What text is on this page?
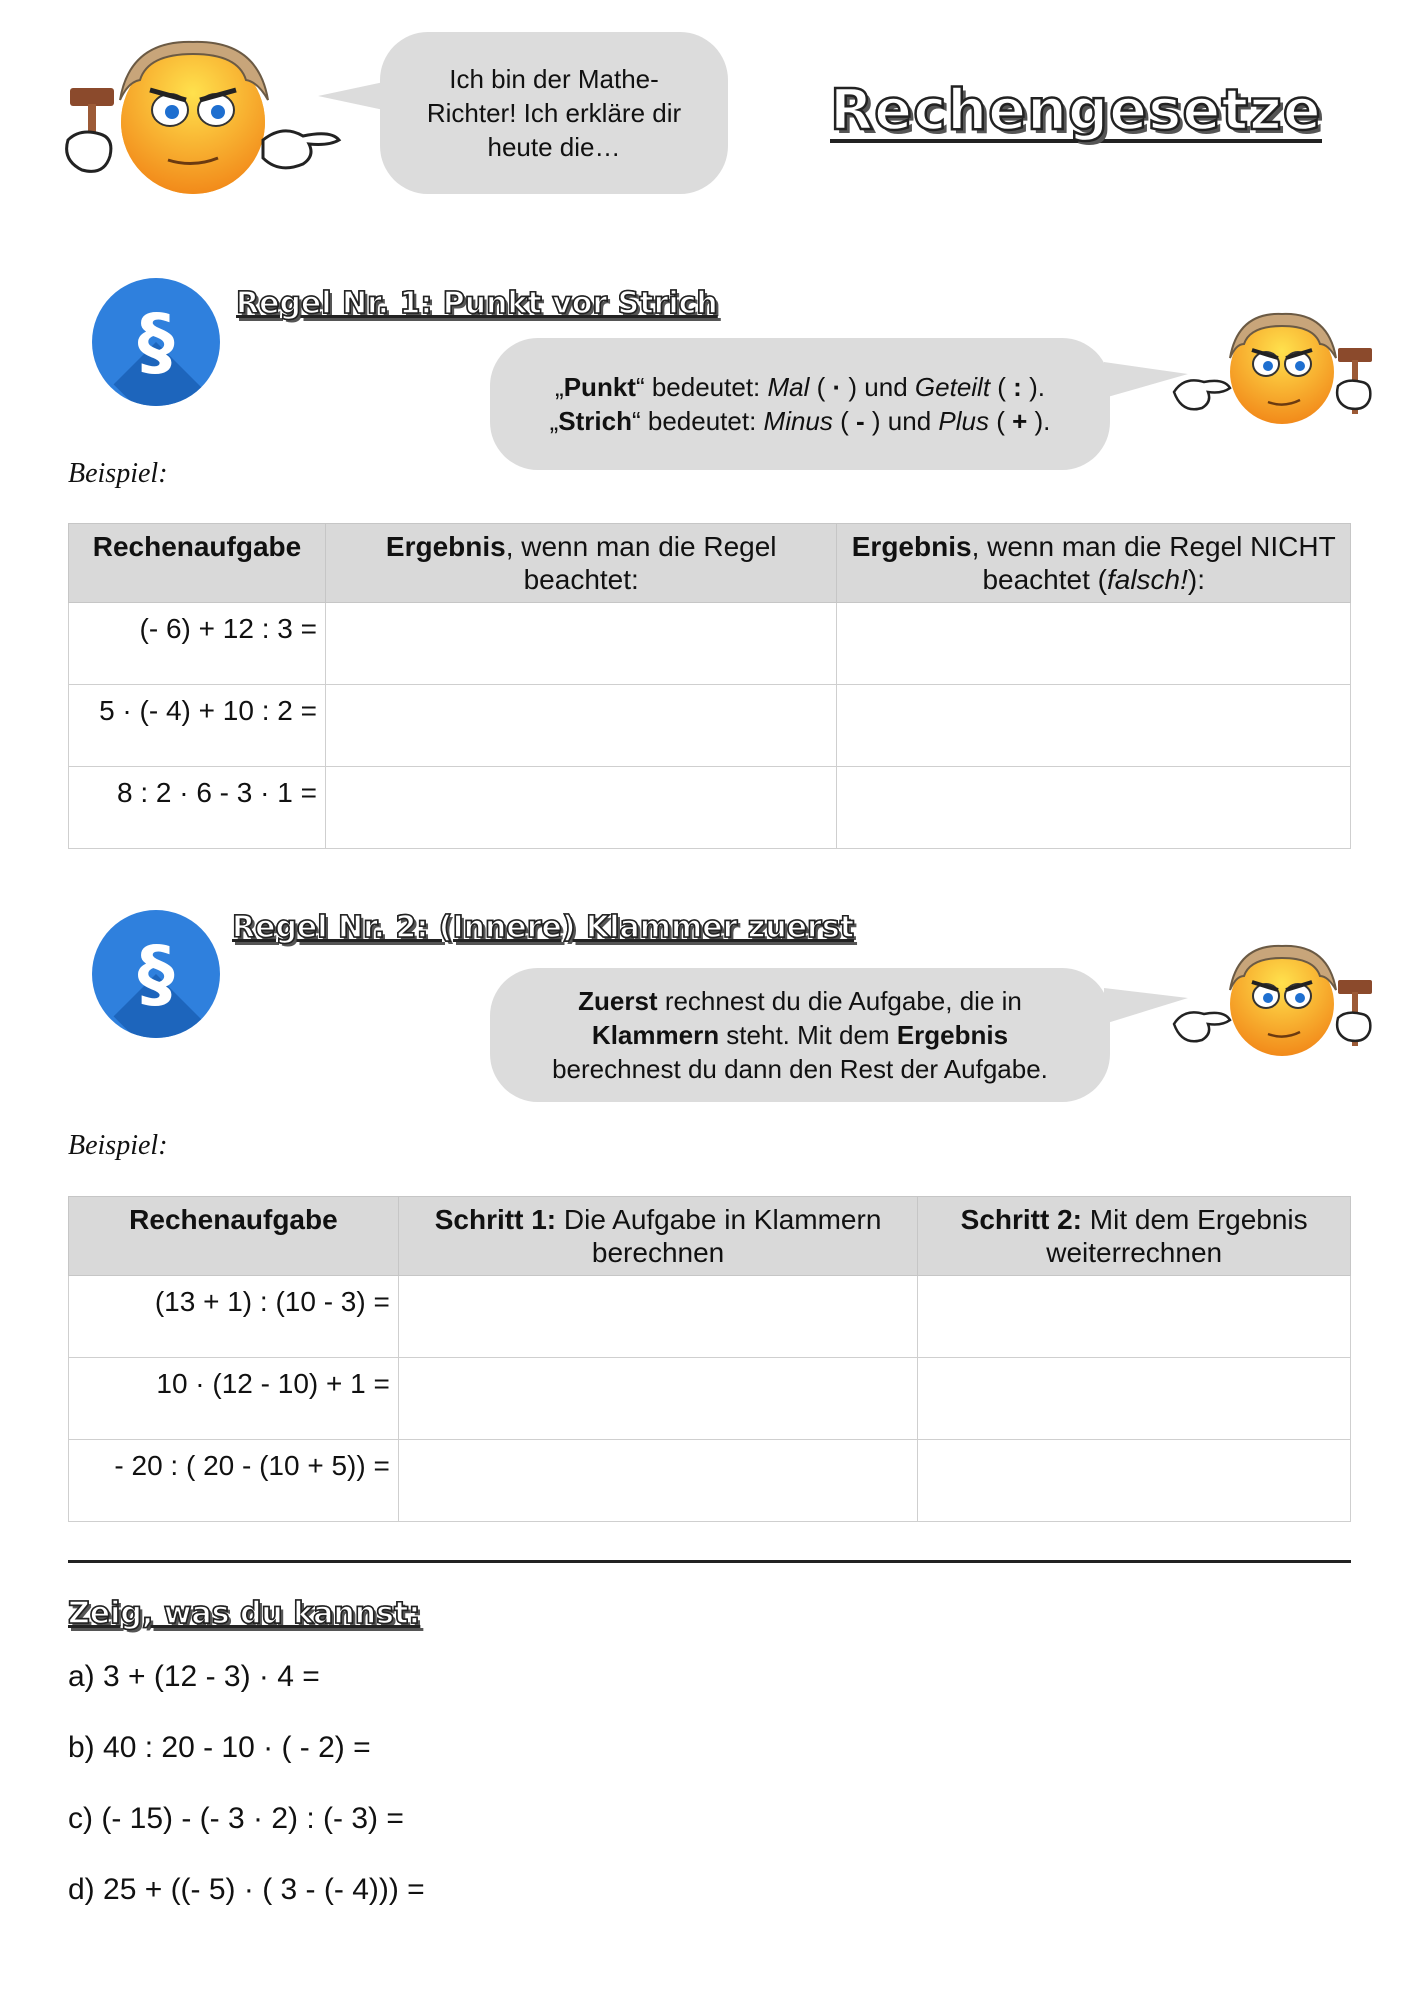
Ich bin der Mathe-
Richter! Ich erkläre dir
heute die…
Rechengesetze
§	Regel Nr. 1: Punkt vor Strich
„Punkt“ bedeutet: Mal ( · ) und Geteilt ( : ).
„Strich“ bedeutet: Minus ( - ) und Plus ( + ).
Beispiel:
Rechenaufgabe	Ergebnis, wenn man die Regel beachtet:	Ergebnis, wenn man die Regel NICHT beachtet (falsch!):
(- 6) + 12 : 3 =		
5 · (- 4) + 10 : 2 =		
8 : 2 · 6 - 3 · 1 =		
§
Regel Nr. 2: (Innere) Klammer zuerst
Zuerst rechnest du die Aufgabe, die in
Klammern steht. Mit dem Ergebnis
berechnest du dann den Rest der Aufgabe.
Beispiel:
Rechenaufgabe	Schritt 1: Die Aufgabe in Klammern berechnen	Schritt 2: Mit dem Ergebnis weiterrechnen
(13 + 1) : (10 - 3) =		
10 · (12 - 10) + 1 =		
- 20 : ( 20 - (10 + 5)) =		
Zeig, was du kannst:
a) 3 + (12 - 3) · 4 =
b) 40 : 20 - 10 · ( - 2) =
c) (- 15) - (- 3 · 2) : (- 3) =
d) 25 + ((- 5) · ( 3 - (- 4))) =
